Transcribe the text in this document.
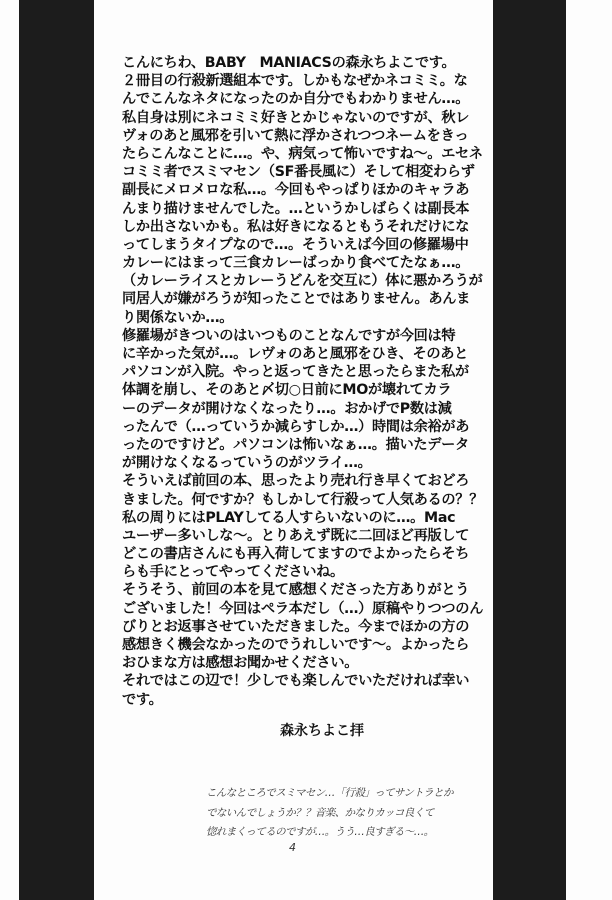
こんにちわ、BABY　MANIACSの森永ちよこです。
２冊目の行殺新選組本です。しかもなぜかネコミミ。な
んでこんなネタになったのか自分でもわかりません…。
私自身は別にネコミミ好きとかじゃないのですが、秋レ
ヴォのあと風邪を引いて熱に浮かされつつネームをきっ
たらこんなことに…。や、病気って怖いですね～。エセネ
コミミ者でスミマセン（SF番長風に）そして相変わらず
副長にメロメロな私…。今回もやっぱりほかのキャラあ
んまり描けませんでした。…というかしばらくは副長本
しか出さないかも。私は好きになるともうそれだけにな
ってしまうタイプなので…。そういえば今回の修羅場中
カレーにはまって三食カレーばっかり食べてたなぁ…。
（カレーライスとカレーうどんを交互に）体に悪かろうが
同居人が嫌がろうが知ったことではありません。あんま
り関係ないか…。
修羅場がきついのはいつものことなんですが今回は特
に辛かった気が…。レヴォのあと風邪をひき、そのあと
パソコンが入院。やっと返ってきたと思ったらまた私が
体調を崩し、そのあと〆切○日前にMOが壊れてカラ
ーのデータが開けなくなったり…。おかげでP数は減
ったんで（…っていうか減らすしか…）時間は余裕があ
ったのですけど。パソコンは怖いなぁ…。描いたデータ
が開けなくなるっていうのがツライ…。
そういえば前回の本、思ったより売れ行き早くておどろ
きました。何ですか？もしかして行殺って人気あるの？？
私の周りにはPLAYしてる人すらいないのに…。Mac
ユーザー多いしな～。とりあえず既に二回ほど再版して
どこの書店さんにも再入荷してますのでよかったらそち
らも手にとってやってくださいね。
そうそう、前回の本を見て感想くださった方ありがとう
ございました！今回はペラ本だし（…）原稿やりつつのん
びりとお返事させていただきました。今までほかの方の
感想きく機会なかったのでうれしいです～。よかったら
おひまな方は感想お聞かせください。
それではこの辺で！少しでも楽しんでいただければ幸い
です。
森永ちよこ拝
こんなところでスミマセン…「行殺」ってサントラとか
でないんでしょうか？？音楽、かなりカッコ良くて
惚れまくってるのですが…。うう…良すぎる～…。
4
